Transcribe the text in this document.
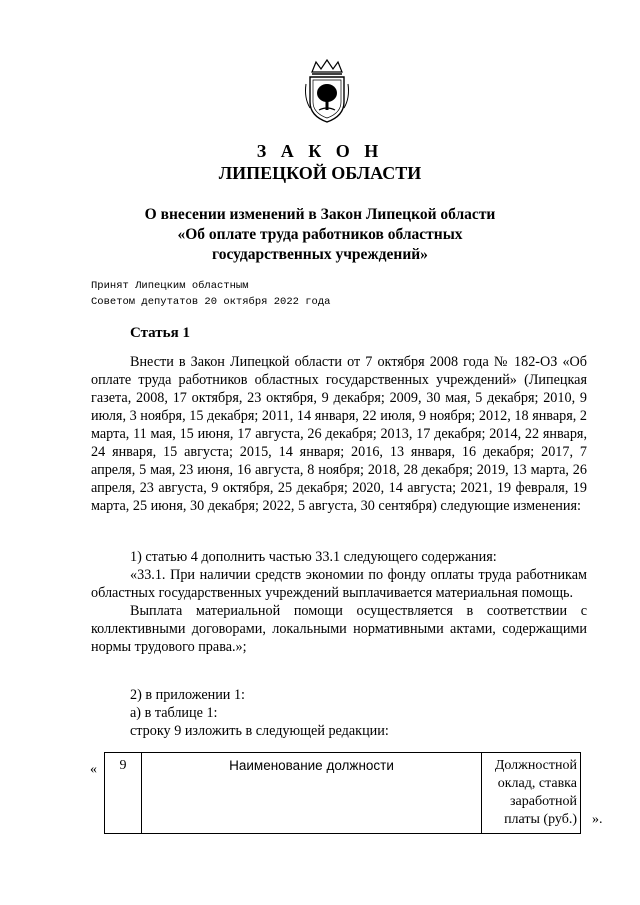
З А К О Н
ЛИПЕЦКОЙ ОБЛАСТИ
О внесении изменений в Закон Липецкой области
«Об оплате труда работников областных
государственных учреждений»
Принят Липецким областным
Советом депутатов 20 октября 2022 года
Статья 1

Внести в Закон Липецкой области от 7 октября 2008 года № 182-ОЗ «Об оплате труда работников областных государственных учреждений» (Липецкая газета, 2008, 17 октября, 23 октября, 9 декабря; 2009, 30 мая, 5 декабря; 2010, 9 июля, 3 ноября, 15 декабря; 2011, 14 января, 22 июля, 9 ноября; 2012, 18 января, 2 марта, 11 мая, 15 июня, 17 августа, 26 декабря; 2013, 17 декабря; 2014, 22 января, 24 января, 15 августа; 2015, 14 января; 2016, 13 января, 16 декабря; 2017, 7 апреля, 5 мая, 23 июня, 16 августа, 8 ноября; 2018, 28 декабря; 2019, 13 марта, 26 апреля, 23 августа, 9 октября, 25 декабря; 2020, 14 августа; 2021, 19 февраля, 19 марта, 25 июня, 30 декабря; 2022, 5 августа, 30 сентября) следующие изменения:

1) статью 4 дополнить частью 33.1 следующего содержания:

«33.1. При наличии средств экономии по фонду оплаты труда работникам областных государственных учреждений выплачивается материальная помощь.

Выплата материальной помощи осуществляется в соответствии с коллективными договорами, локальными нормативными актами, содержащими нормы трудового права.»;

2) в приложении 1:

а) в таблице 1:

строку 9 изложить в следующей редакции:

« 9	Наименование должности	Должностной оклад, ставка заработной платы (руб.) ».
